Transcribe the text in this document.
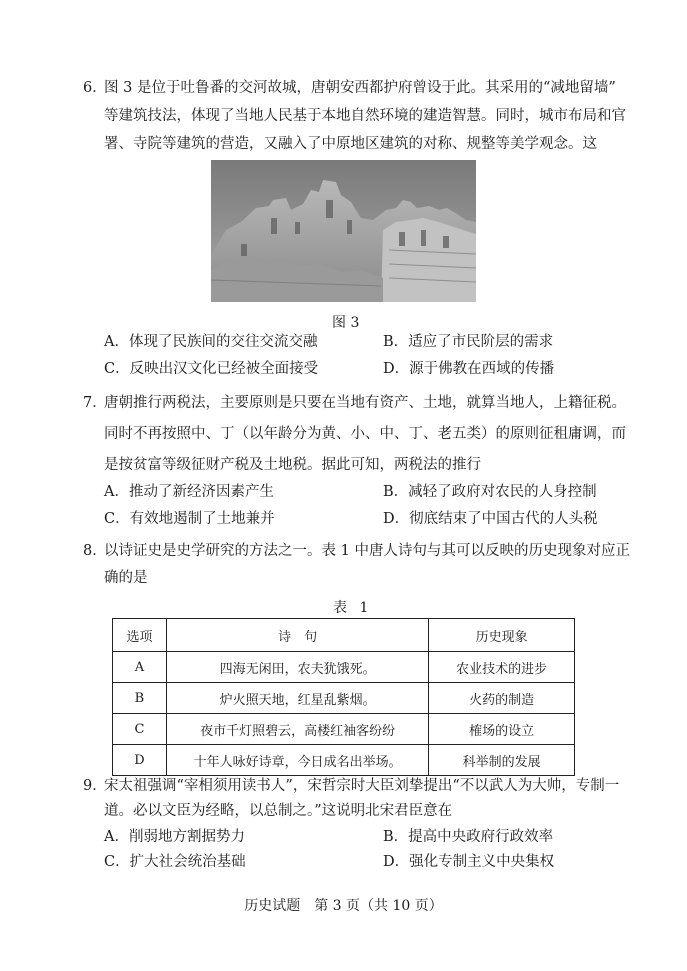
6．
图 3 是位于吐鲁番的交河故城，唐朝安西都护府曾设于此。其采用的“减地留墙”
等建筑技法，体现了当地人民基于本地自然环境的建造智慧。同时，城市布局和官
署、寺院等建筑的营造，又融入了中原地区建筑的对称、规整等美学观念。这
图 3
A．体现了民族间的交往交流交融	B．适应了市民阶层的需求
C．反映出汉文化已经被全面接受	D．源于佛教在西域的传播
7．
唐朝推行两税法，主要原则是只要在当地有资产、土地，就算当地人，上籍征税。
同时不再按照中、丁（以年龄分为黄、小、中、丁、老五类）的原则征租庸调，而
是按贫富等级征财产税及土地税。据此可知，两税法的推行
A．推动了新经济因素产生	B．减轻了政府对农民的人身控制
C．有效地遏制了土地兼并	D．彻底结束了中国古代的人头税
8．
以诗证史是史学研究的方法之一。表 1 中唐人诗句与其可以反映的历史现象对应正
确的是
表 1
选项	诗　句	历史现象
A	四海无闲田，农夫犹饿死。	农业技术的进步
B	炉火照天地，红星乱紫烟。	火药的制造
C	夜市千灯照碧云，高楼红袖客纷纷	榷场的设立
D	十年人咏好诗章，今日成名出举场。	科举制的发展
9．
宋太祖强调“宰相须用读书人”，宋哲宗时大臣刘挚提出“不以武人为大帅，专制一
道。必以文臣为经略，以总制之。”这说明北宋君臣意在
A．削弱地方割据势力	B．提高中央政府行政效率
C．扩大社会统治基础	D．强化专制主义中央集权
历史试题　第 3 页（共 10 页）
